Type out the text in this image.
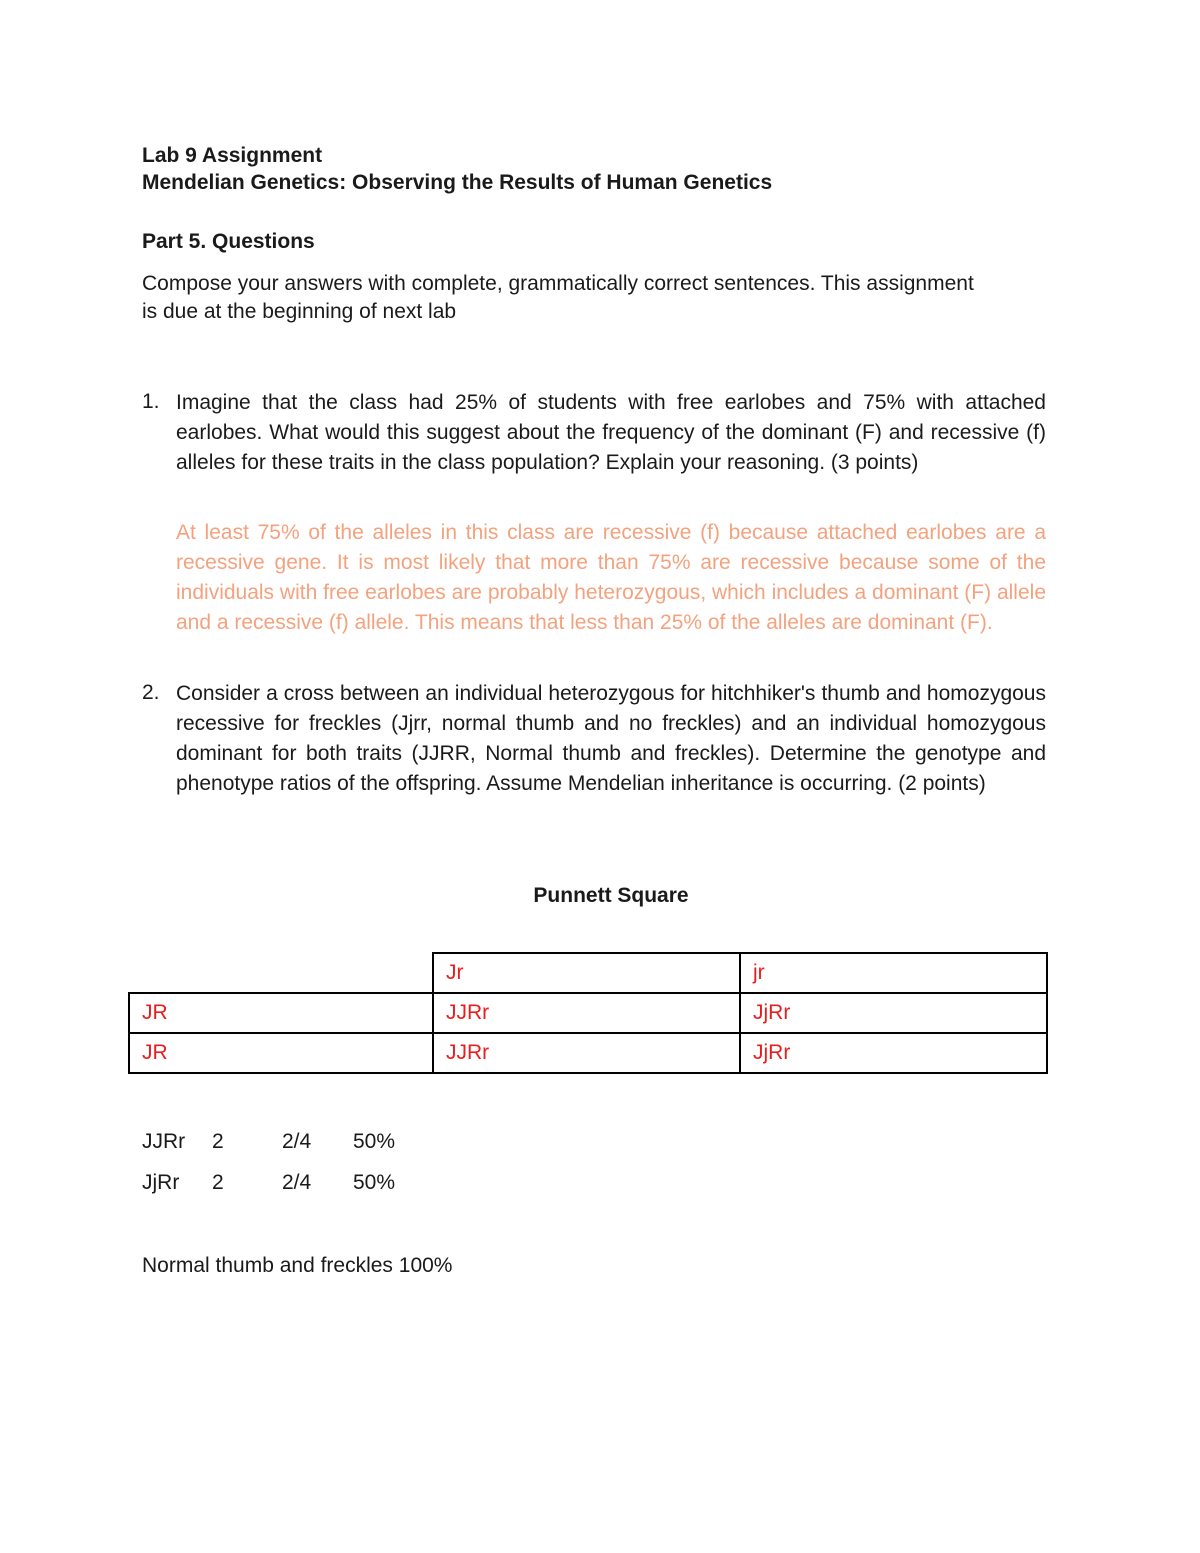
Lab 9 Assignment

Mendelian Genetics: Observing the Results of Human Genetics

Part 5. Questions

Compose your answers with complete, grammatically correct sentences. This assignment is due at the beginning of next lab

1. Imagine that the class had 25% of students with free earlobes and 75% with attached earlobes. What would this suggest about the frequency of the dominant (F) and recessive (f) alleles for these traits in the class population? Explain your reasoning. (3 points)

At least 75% of the alleles in this class are recessive (f) because attached earlobes are a recessive gene. It is most likely that more than 75% are recessive because some of the individuals with free earlobes are probably heterozygous, which includes a dominant (F) allele and a recessive (f) allele. This means that less than 25% of the alleles are dominant (F).

2. Consider a cross between an individual heterozygous for hitchhiker's thumb and homozygous recessive for freckles (Jjrr, normal thumb and no freckles) and an individual homozygous dominant for both traits (JJRR, Normal thumb and freckles). Determine the genotype and phenotype ratios of the offspring. Assume Mendelian inheritance is occurring. (2 points)

Punnett Square

	Jr	jr
JR	JJRr	JjRr
JR	JJRr	JjRr
JJRr 2	2/4 50%
JjRr 2	2/4 50%

Normal thumb and freckles 100%
